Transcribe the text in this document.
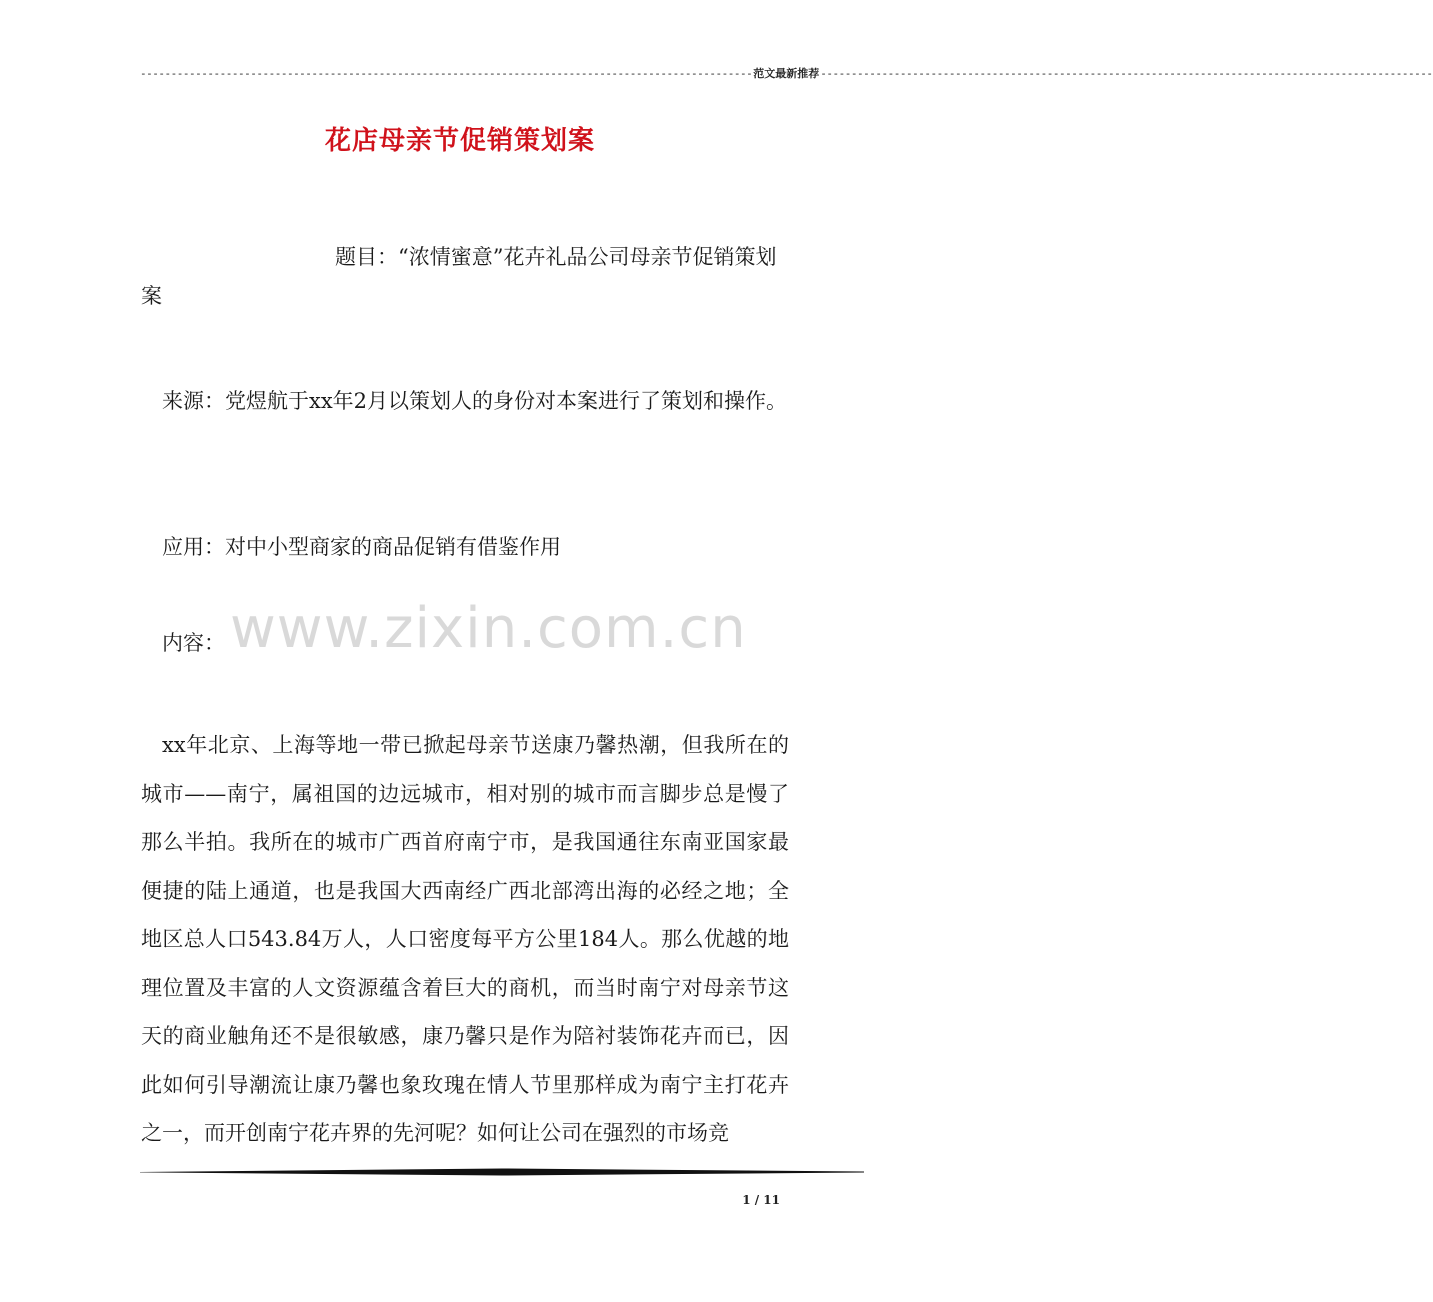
---------------------------------------------------------------------------------------------------- 范文最新推荐 ----------------------------------------------------------------------------------------------------
花店母亲节促销策划案
题目：“浓情蜜意”花卉礼品公司母亲节促销策划案
来源：党煜航于xx年2月以策划人的身份对本案进行了策划和操作。
应用：对中小型商家的商品促销有借鉴作用
内容： www.zixin.com.cn
xx年北京、上海等地一带已掀起母亲节送康乃馨热潮，但我所在的城市——南宁，属祖国的边远城市，相对别的城市而言脚步总是慢了那么半拍。我所在的城市广西首府南宁市，是我国通往东南亚国家最便捷的陆上通道，也是我国大西南经广西北部湾出海的必经之地；全地区总人口543.84万人，人口密度每平方公里184人。那么优越的地理位置及丰富的人文资源蕴含着巨大的商机，而当时南宁对母亲节这天的商业触角还不是很敏感，康乃馨只是作为陪衬装饰花卉而已，因此如何引导潮流让康乃馨也象玫瑰在情人节里那样成为南宁主打花卉之一，而开创南宁花卉界的先河呢？如何让公司在强烈的市场竞
1 / 11
